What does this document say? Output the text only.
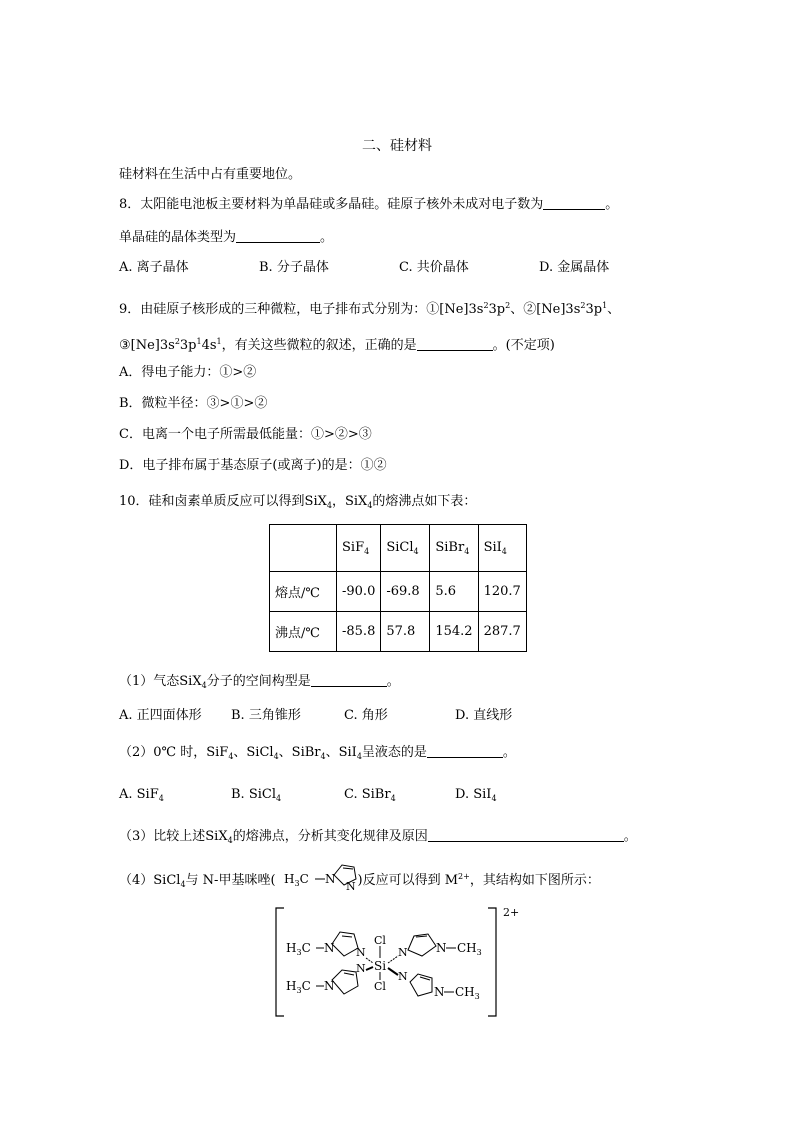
二、硅材料
硅材料在生活中占有重要地位。
8．太阳能电池板主要材料为单晶硅或多晶硅。硅原子核外未成对电子数为	。
单晶硅的晶体类型为	。
A. 离子晶体	B. 分子晶体	C. 共价晶体	D. 金属晶体
9．由硅原子核形成的三种微粒，电子排布式分别为：$①[Ne]3s^23p^2$、$②[Ne]3s^23p^1$、
$③[Ne]3s^23p^14s^1$，有关这些微粒的叙述，正确的是	。(不定项)
A．得电子能力：①>②
B．微粒半径：③>①>②
C．电离一个电子所需最低能量：①>②>③
D．电子排布属于基态原子(或离子)的是：①②
10．硅和卤素单质反应可以得到SiX$_4$，SiX$_4$的熔沸点如下表：
	SiF$_4$	SiCl$_4$	SiBr$_4$	SiI$_4$
熔点/℃	-90.0	-69.8	5.6	120.7
沸点/℃	-85.8	57.8	154.2	287.7
（1）气态SiX$_4$分子的空间构型是	。
A. 正四面体形 B. 三角锥形	C. 角形	D. 直线形
（2）0℃ 时，SiF$_4$、SiCl$_4$、SiBr$_4$、SiI$_4$呈液态的是	。
A. SiF$_4$	B. SiCl$_4$	C. SiBr$_4$	D. SiI$_4$
（3）比较上述SiX$_4$的熔沸点，分析其变化规律及原因	。
（4）SiCl$_4$与 N-甲基咪唑(	)反应可以得到 $M^{2+}$，其结构如下图所示：
$H_3C$ N
N
2+
$H_3C$ N N
$H_3C$ N
N
Cl
Si
Cl
N N $CH_3$
N
N $CH_3$
